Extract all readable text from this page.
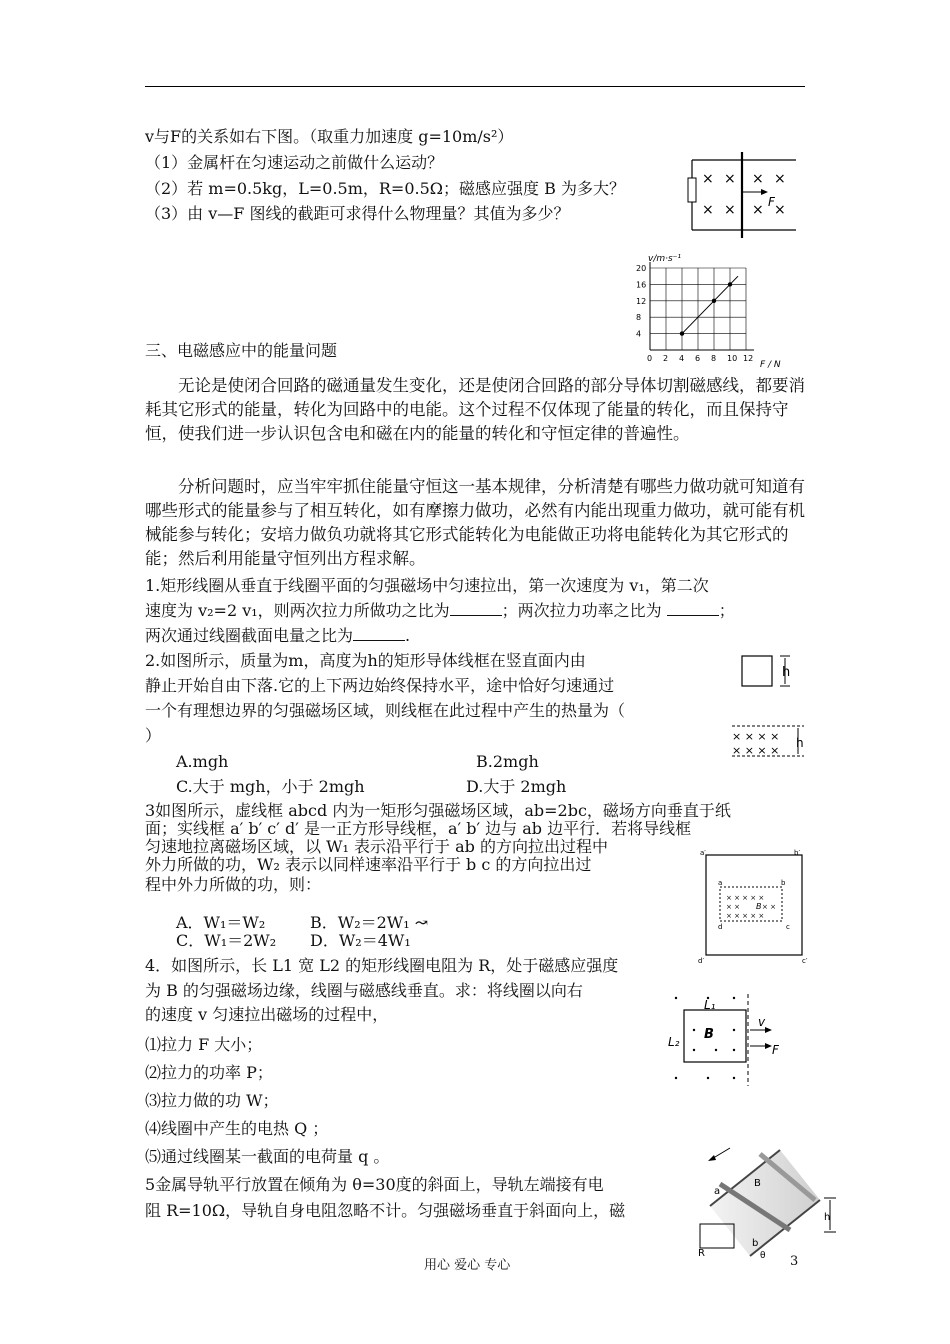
v与F的关系如右下图。（取重力加速度 g=10m/s²）
（1）金属杆在匀速运动之前做什么运动？
（2）若 m=0.5kg，L=0.5m，R=0.5Ω；磁感应强度 B 为多大？
（3）由 v—F 图线的截距可求得什么物理量？其值为多少？
× × × ×
× × × ×
F
v/m·s⁻¹
F / N
0 2 4 6 8 10 12
4
8
12
16
20
三、电磁感应中的能量问题
无论是使闭合回路的磁通量发生变化，还是使闭合回路的部分导体切割磁感线，都要消耗其它形式的能量，转化为回路中的电能。这个过程不仅体现了能量的转化，而且保持守恒，使我们进一步认识包含电和磁在内的能量的转化和守恒定律的普遍性。
分析问题时，应当牢牢抓住能量守恒这一基本规律，分析清楚有哪些力做功就可知道有哪些形式的能量参与了相互转化，如有摩擦力做功，必然有内能出现重力做功，就可能有机械能参与转化；安培力做负功就将其它形式能转化为电能做正功将电能转化为其它形式的能；然后利用能量守恒列出方程求解。
1.矩形线圈从垂直于线圈平面的匀强磁场中匀速拉出，第一次速度为 v₁，第二次
速度为 v₂=2 v₁，则两次拉力所做功之比为	；两次拉力功率之比为	；
两次通过线圈截面电量之比为	.
2.如图所示，质量为m，高度为h的矩形导体线框在竖直面内由
静止开始自由下落.它的上下两边始终保持水平，途中恰好匀速通过
一个有理想边界的匀强磁场区域，则线框在此过程中产生的热量为（
）
A.mgh	B.2mgh
C.大于 mgh，小于 2mgh	D.大于 2mgh
h
× × × ×
× × × ×
h
3如图所示，虚线框 abcd 内为一矩形匀强磁场区域，ab=2bc，磁场方向垂直于纸
面；实线框 a′ b′ c′ d′ 是一正方形导线框，a′ b′ 边与 ab 边平行．若将导线框
匀速地拉离磁场区域，以 W₁ 表示沿平行于 ab 的方向拉出过程中
外力所做的功，W₂ 表示以同样速率沿平行于 b c 的方向拉出过
程中外力所做的功，则：
A．W₁＝W₂	B．W₂＝2W₁ ↝
C．W₁＝2W₂ D．W₂＝4W₁
a′	b′
c′
d′
a	b
c
d
× × × × ×
× × B × ×
× × × × ×
4．如图所示，长 L1 宽 L2 的矩形线圈电阻为 R，处于磁感应强度
为 B 的匀强磁场边缘，线圈与磁感线垂直。求：将线圈以向右
的速度 v 匀速拉出磁场的过程中，
⑴拉力 F 大小；
⑵拉力的功率 P；
⑶拉力做的功 W；
⑷线圈中产生的电热 Q ；
⑸通过线圈某一截面的电荷量 q 。
L₁
L₂ B
v
F
5金属导轨平行放置在倾角为 θ=30度的斜面上，导轨左端接有电
阻 R=10Ω，导轨自身电阻忽略不计。匀强磁场垂直于斜面向上，磁
a
b
B
h
R	θ
用心 爱心 专心	3
